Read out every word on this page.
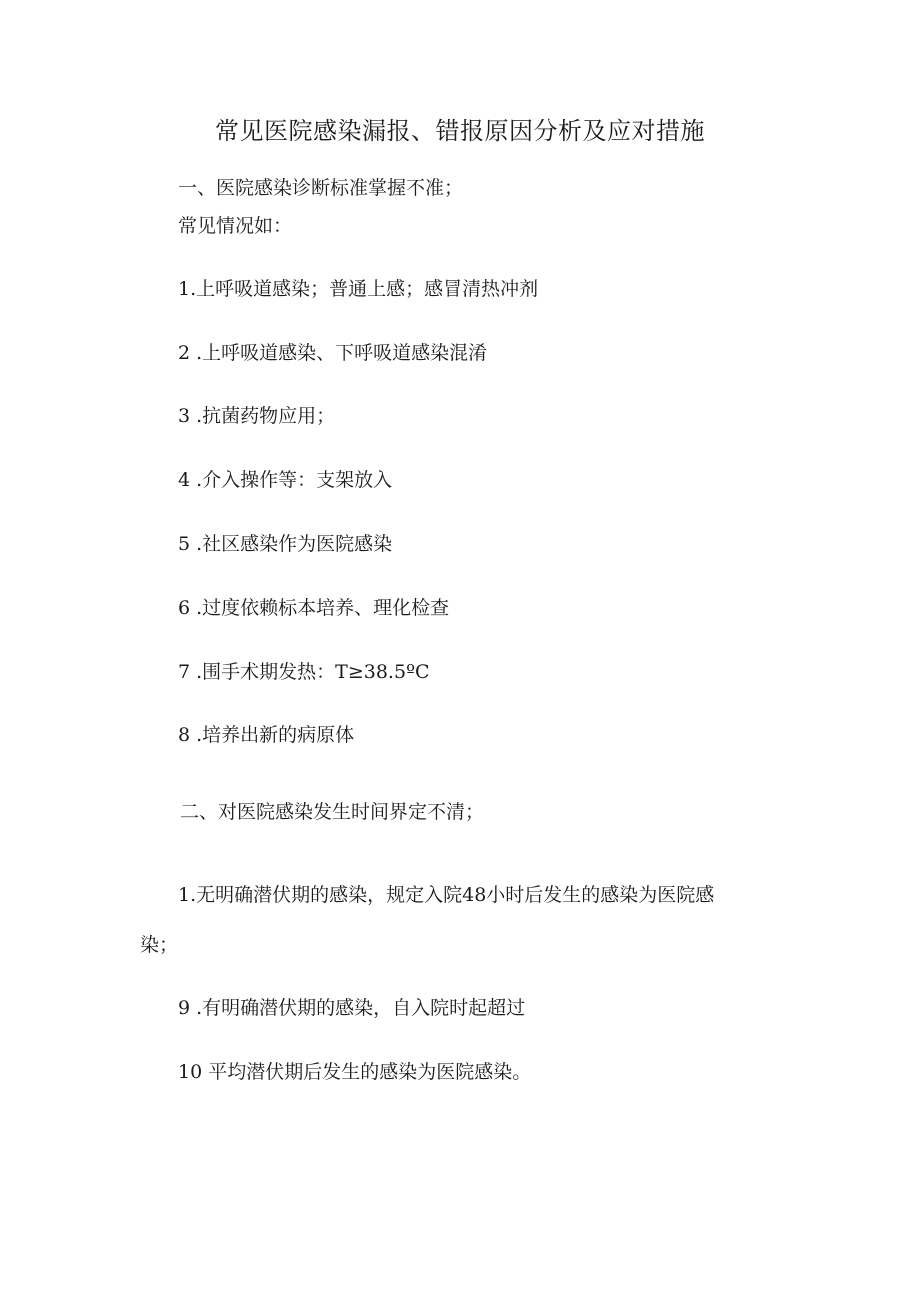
常见医院感染漏报、错报原因分析及应对措施
一、医院感染诊断标准掌握不准；
常见情况如：
1.上呼吸道感染；普通上感；感冒清热冲剂
2 .上呼吸道感染、下呼吸道感染混淆
3 .抗菌药物应用；
4 .介入操作等：支架放入
5 .社区感染作为医院感染
6 .过度依赖标本培养、理化检查
7 .围手术期发热：T≥38.5ºC
8 .培养出新的病原体
二、对医院感染发生时间界定不清；
1.无明确潜伏期的感染，规定入院48小时后发生的感染为医院感
染；
9 .有明确潜伏期的感染，自入院时起超过
10 平均潜伏期后发生的感染为医院感染。
